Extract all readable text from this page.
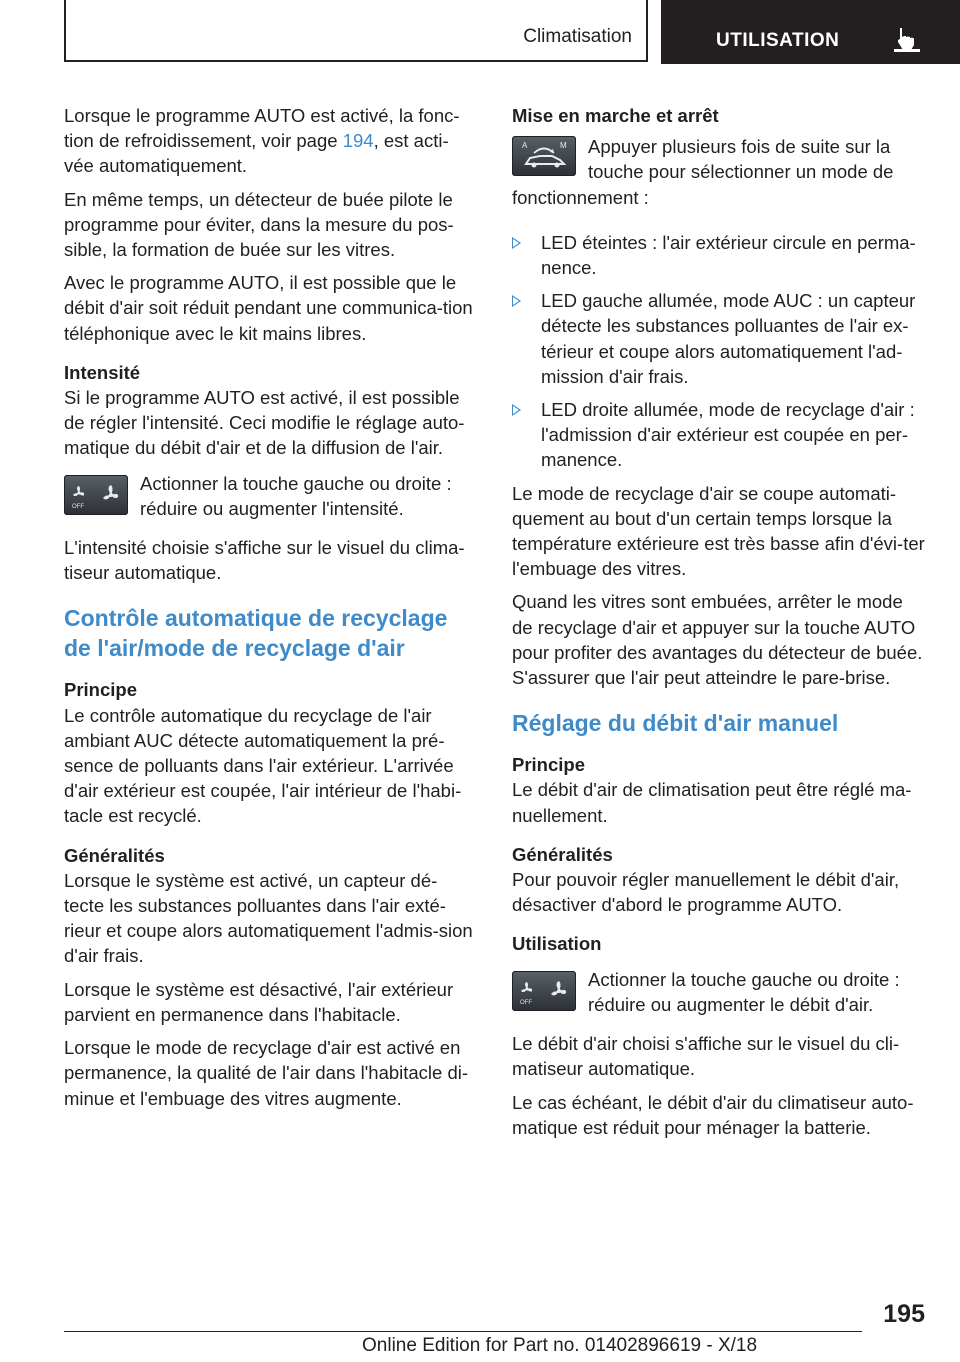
Climatisation	UTILISATION

Lorsque le programme AUTO est activé, la fonc‐tion de refroidissement, voir page 194, est acti‐vée automatiquement.

En même temps, un détecteur de buée pilote le programme pour éviter, dans la mesure du pos‐sible, la formation de buée sur les vitres.

Avec le programme AUTO, il est possible que le débit d'air soit réduit pendant une communica‐tion téléphonique avec le kit mains libres.

Intensité

Si le programme AUTO est activé, il est possible de régler l'intensité. Ceci modifie le réglage auto‐matique du débit d'air et de la diffusion de l'air.

OFF
Actionner la touche gauche ou droite : réduire ou augmenter l'intensité.

L'intensité choisie s'affiche sur le visuel du clima‐tiseur automatique.

Contrôle automatique de recyclage de l'air/mode de recyclage d'air
Principe

Le contrôle automatique du recyclage de l'air ambiant AUC détecte automatiquement la pré‐sence de polluants dans l'air extérieur. L'arrivée d'air extérieur est coupée, l'air intérieur de l'habi‐tacle est recyclé.

Généralités

Lorsque le système est activé, un capteur dé‐tecte les substances polluantes dans l'air exté‐rieur et coupe alors automatiquement l'admis‐sion d'air frais.

Lorsque le système est désactivé, l'air extérieur parvient en permanence dans l'habitacle.

Lorsque le mode de recyclage d'air est activé en permanence, la qualité de l'air dans l'habitacle di‐minue et l'embuage des vitres augmente.

Mise en marche et arrêt
A	M Appuyer plusieurs fois de suite sur la touche pour sélectionner un mode de fonctionnement :
LED éteintes : l'air extérieur circule en perma‐nence.
LED gauche allumée, mode AUC : un capteur détecte les substances polluantes de l'air ex‐térieur et coupe alors automatiquement l'ad‐mission d'air frais.
LED droite allumée, mode de recyclage d'air : l'admission d'air extérieur est coupée en per‐manence.

Le mode de recyclage d'air se coupe automati‐quement au bout d'un certain temps lorsque la température extérieure est très basse afin d'évi‐ter l'embuage des vitres.

Quand les vitres sont embuées, arrêter le mode de recyclage d'air et appuyer sur la touche AUTO pour profiter des avantages du détecteur de buée. S'assurer que l'air peut atteindre le pare-brise.

Réglage du débit d'air manuel
Principe

Le débit d'air de climatisation peut être réglé ma‐nuellement.

Généralités

Pour pouvoir régler manuellement le débit d'air, désactiver d'abord le programme AUTO.

Utilisation
OFF
Actionner la touche gauche ou droite : réduire ou augmenter le débit d'air.

Le débit d'air choisi s'affiche sur le visuel du cli‐matiseur automatique.

Le cas échéant, le débit d'air du climatiseur auto‐matique est réduit pour ménager la batterie.

195
Online Edition for Part no. 01402896619 - X/18
